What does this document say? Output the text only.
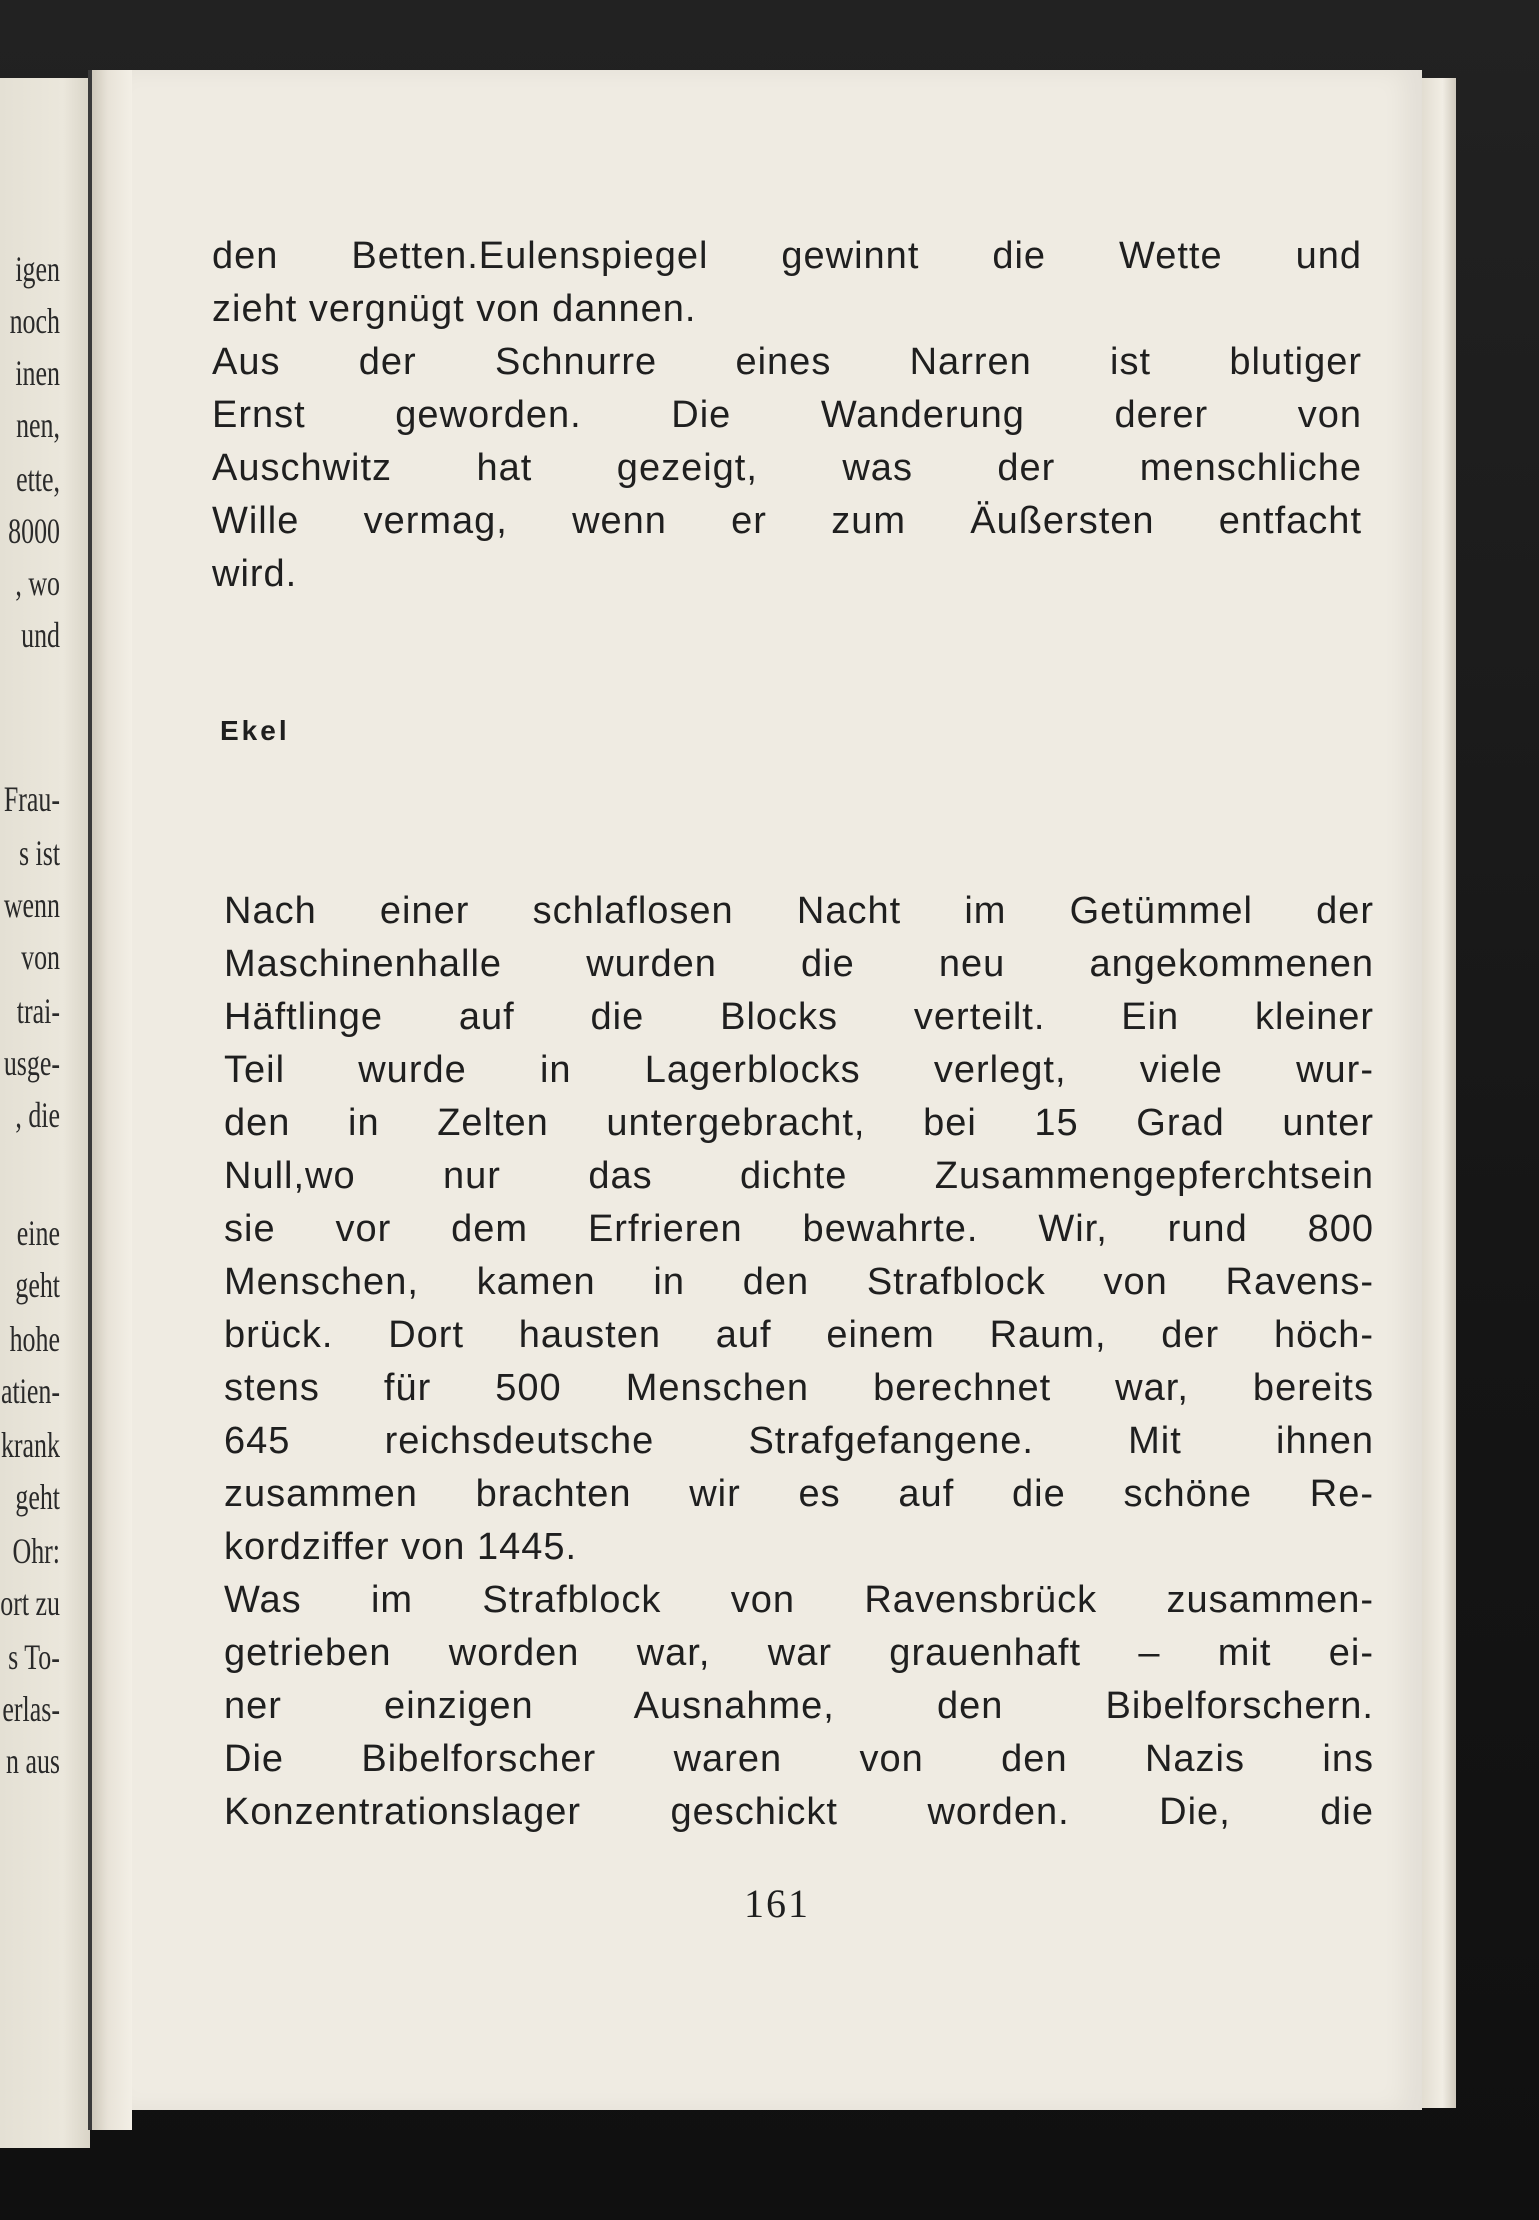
igen
noch
inen
nen,
ette,
8000
, wo
und
Frau-
s ist
wenn
von
trai-
usge-
, die
eine
geht
hohe
atien-
krank
geht
Ohr:
ort zu
s To-
erlas-
n aus
den Betten.Eulenspiegel gewinnt die Wette und
zieht vergnügt von dannen.
Aus der Schnurre eines Narren ist blutiger
Ernst geworden. Die Wanderung derer von
Auschwitz hat gezeigt, was der menschliche
Wille vermag, wenn er zum Äußersten entfacht
wird.
Ekel
Nach einer schlaflosen Nacht im Getümmel der
Maschinenhalle wurden die neu angekommenen
Häftlinge auf die Blocks verteilt. Ein kleiner
Teil wurde in Lagerblocks verlegt, viele wur-
den in Zelten untergebracht, bei 15 Grad unter
Null,wo nur das dichte Zusammengepferchtsein
sie vor dem Erfrieren bewahrte. Wir, rund 800
Menschen, kamen in den Strafblock von Ravens-
brück. Dort hausten auf einem Raum, der höch-
stens für 500 Menschen berechnet war, bereits
645 reichsdeutsche Strafgefangene. Mit ihnen
zusammen brachten wir es auf die schöne Re-
kordziffer von 1445.
Was im Strafblock von Ravensbrück zusammen-
getrieben worden war, war grauenhaft – mit ei-
ner einzigen Ausnahme, den Bibelforschern.
Die Bibelforscher waren von den Nazis ins
Konzentrationslager geschickt worden. Die, die
161
